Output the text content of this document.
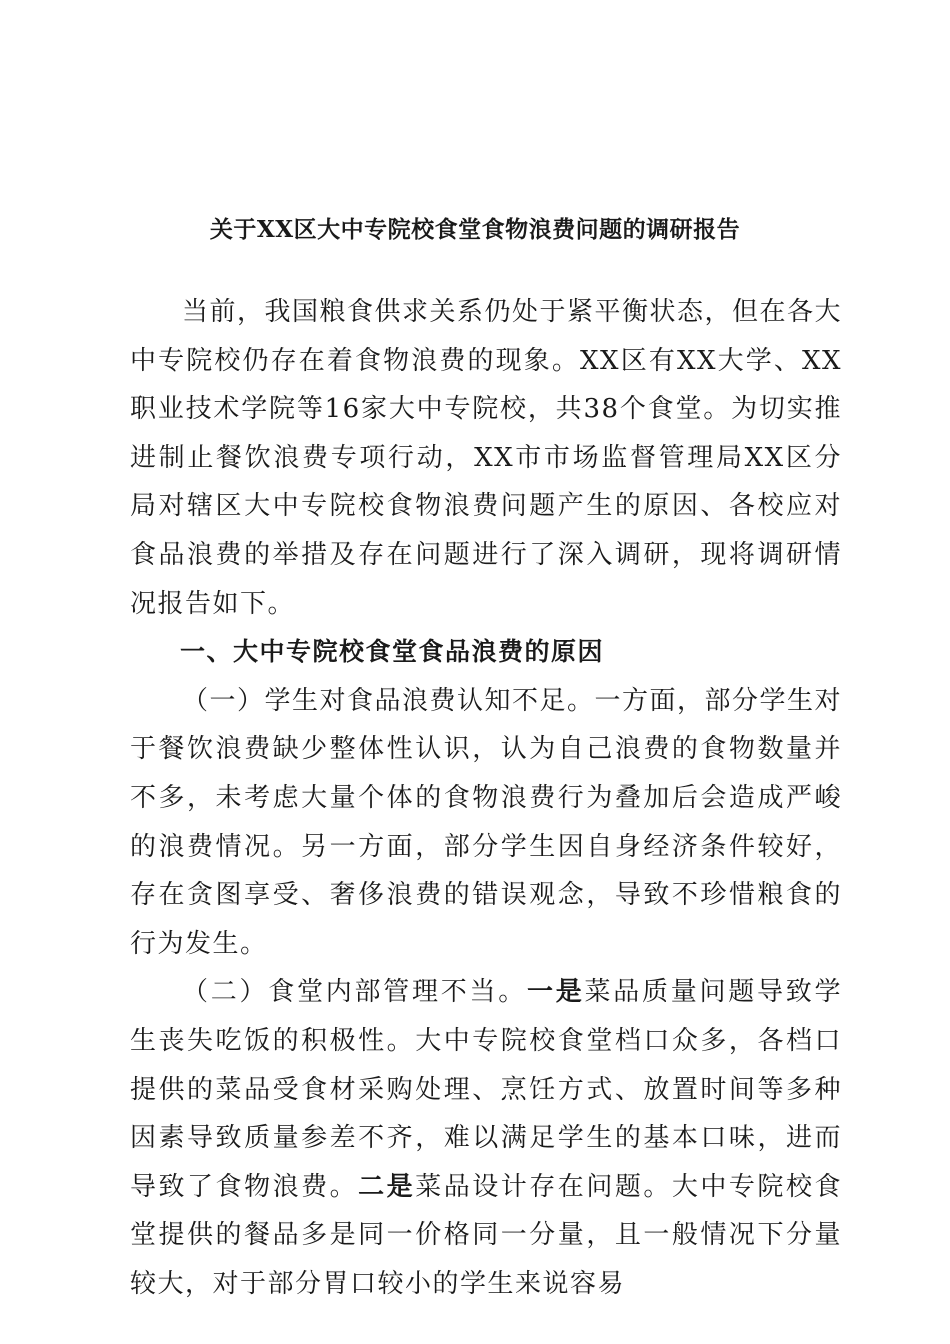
关于XX区大中专院校食堂食物浪费问题的调研报告

当前，我国粮食供求关系仍处于紧平衡状态，但在各大中专院校仍存在着食物浪费的现象。XX区有XX大学、XX职业技术学院等16家大中专院校，共38个食堂。为切实推进制止餐饮浪费专项行动，XX市市场监督管理局XX区分局对辖区大中专院校食物浪费问题产生的原因、各校应对食品浪费的举措及存在问题进行了深入调研，现将调研情况报告如下。

一、大中专院校食堂食品浪费的原因

（一）学生对食品浪费认知不足。一方面，部分学生对于餐饮浪费缺少整体性认识，认为自己浪费的食物数量并不多，未考虑大量个体的食物浪费行为叠加后会造成严峻的浪费情况。另一方面，部分学生因自身经济条件较好，存在贪图享受、奢侈浪费的错误观念，导致不珍惜粮食的行为发生。

（二）食堂内部管理不当。一是菜品质量问题导致学生丧失吃饭的积极性。大中专院校食堂档口众多，各档口提供的菜品受食材采购处理、烹饪方式、放置时间等多种因素导致质量参差不齐，难以满足学生的基本口味，进而导致了食物浪费。二是菜品设计存在问题。大中专院校食堂提供的餐品多是同一价格同一分量，且一般情况下分量较大，对于部分胃口较小的学生来说容易
